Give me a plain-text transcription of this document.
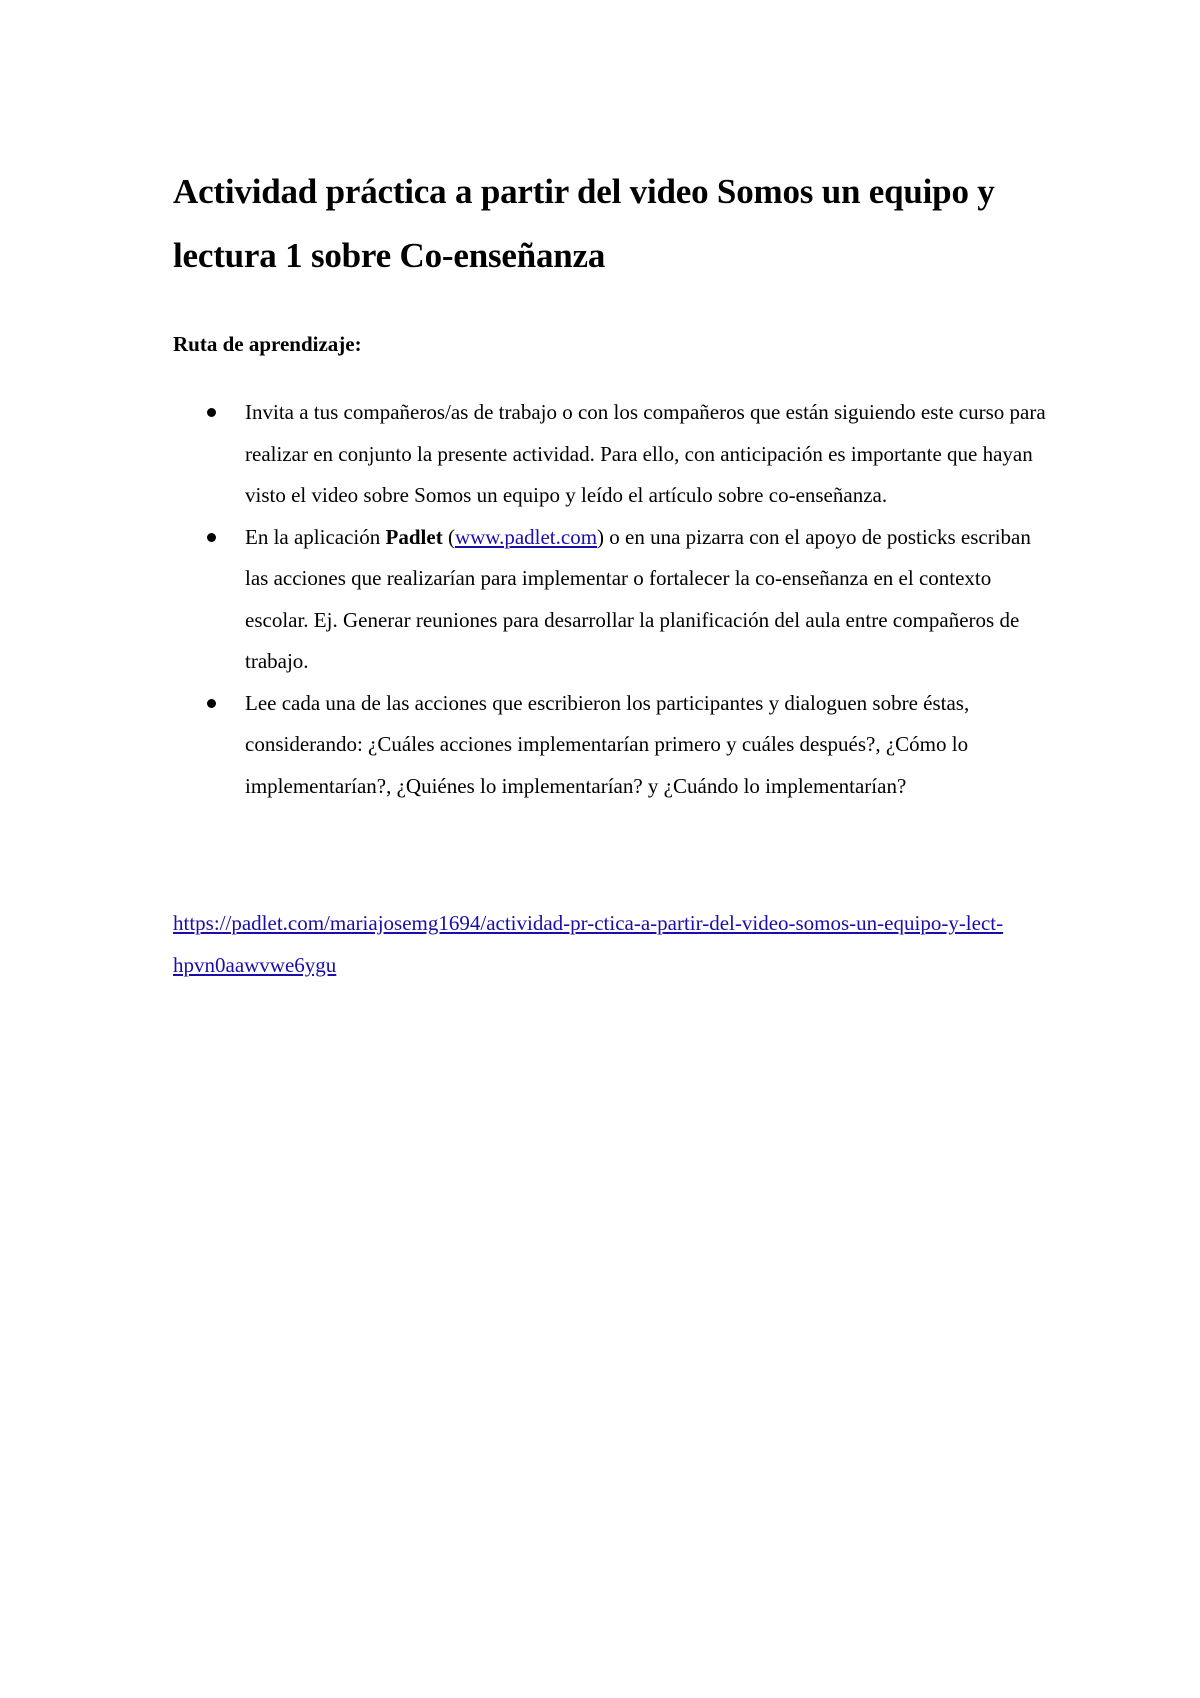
Actividad práctica a partir del video Somos un equipo y lectura 1 sobre Co-enseñanza

Ruta de aprendizaje:

Invita a tus compañeros/as de trabajo o con los compañeros que están siguiendo este curso para realizar en conjunto la presente actividad. Para ello, con anticipación es importante que hayan visto el video sobre Somos un equipo y leído el artículo sobre co-enseñanza.
En la aplicación Padlet (www.padlet.com) o en una pizarra con el apoyo de posticks escriban las acciones que realizarían para implementar o fortalecer la co-enseñanza en el contexto escolar. Ej. Generar reuniones para desarrollar la planificación del aula entre compañeros de trabajo.
Lee cada una de las acciones que escribieron los participantes y dialoguen sobre éstas, considerando: ¿Cuáles acciones implementarían primero y cuáles después?, ¿Cómo lo implementarían?, ¿Quiénes lo implementarían? y ¿Cuándo lo implementarían?

https://padlet.com/mariajosemg1694/actividad-pr-ctica-a-partir-del-video-somos-un-equipo-y-lect-hpvn0aawvwe6ygu
